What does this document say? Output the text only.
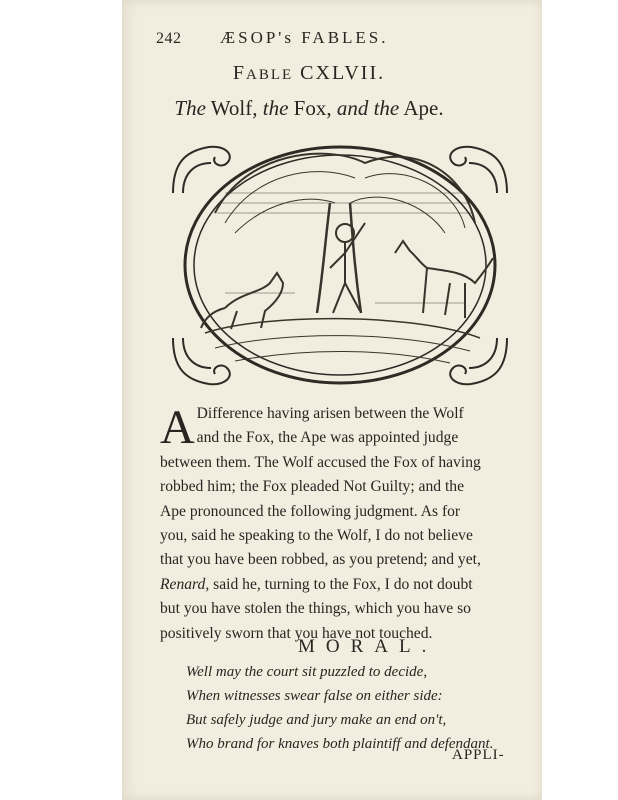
242 ÆSOP's FABLES.
FABLE CXLVII.
The Wolf, the Fox, and the Ape.
A Difference having arisen between the Wolf
and the Fox, the Ape was appointed judge
between them. The Wolf accused the Fox of having
robbed him; the Fox pleaded Not Guilty; and the
Ape pronounced the following judgment. As for
you, said he speaking to the Wolf, I do not believe
that you have been robbed, as you pretend; and yet,
Renard, said he, turning to the Fox, I do not doubt
but you have stolen the things, which you have so
positively sworn that you have not touched.
MORAL.
Well may the court sit puzzled to decide,
When witnesses swear false on either side:
But safely judge and jury make an end on't,
Who brand for knaves both plaintiff and defendant.
APPLI-
